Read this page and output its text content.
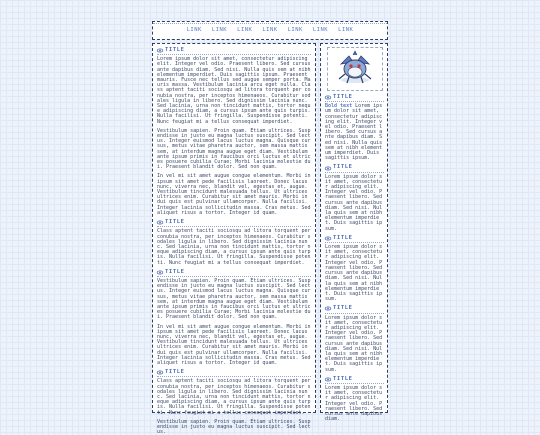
LINK LINK LINK LINK LINK LINK LINK
TITLE

Lorem ipsum dolor sit amet, consectetur adipiscing elit. Integer vel odio. Praesent libero. Sed cursus ante dapibus diam. Sed nisi. Nulla quis sem at nibh elementum imperdiet. Duis sagittis ipsum. Praesent mauris. Fusce nec tellus sed augue semper porta. Mauris massa. Vestibulum lacinia arcu eget nulla. Class aptent taciti sociosqu ad litora torquent per conubia nostra, per inceptos himenaeos. Curabitur sodales ligula in libero. Sed dignissim lacinia nunc. Sed lacinia, urna non tincidunt mattis, tortor neque adipiscing diam, a cursus ipsum ante quis turpis. Nulla facilisi. Ut fringilla. Suspendisse potenti. Nunc feugiat mi a tellus consequat imperdiet.

Vestibulum sapien. Proin quam. Etiam ultrices. Suspendisse in justo eu magna luctus suscipit. Sed lectus. Integer euismod lacus luctus magna. Quisque cursus, metus vitae pharetra auctor, sem massa mattis sem, at interdum magna augue eget diam. Vestibulum ante ipsum primis in faucibus orci luctus et ultrices posuere cubilia Curae; Morbi lacinia molestie dui. Praesent blandit dolor. Sed non quam.

In vel mi sit amet augue congue elementum. Morbi in ipsum sit amet pede facilisis laoreet. Donec lacus nunc, viverra nec, blandit vel, egestas et, augue. Vestibulum tincidunt malesuada tellus. Ut ultrices ultrices enim. Curabitur sit amet mauris. Morbi in dui quis est pulvinar ullamcorper. Nulla facilisi. Integer lacinia sollicitudin massa. Cras metus. Sed aliquet risus a tortor. Integer id quam.

TITLE

Class aptent taciti sociosqu ad litora torquent per conubia nostra, per inceptos himenaeos. Curabitur sodales ligula in libero. Sed dignissim lacinia nunc. Sed lacinia, urna non tincidunt mattis, tortor neque adipiscing diam, a cursus ipsum ante quis turpis. Nulla facilisi. Ut fringilla. Suspendisse potenti. Nunc feugiat mi a tellus consequat imperdiet.

TITLE

Vestibulum sapien. Proin quam. Etiam ultrices. Suspendisse in justo eu magna luctus suscipit. Sed lectus. Integer euismod lacus luctus magna. Quisque cursus, metus vitae pharetra auctor, sem massa mattis sem, at interdum magna augue eget diam. Vestibulum ante ipsum primis in faucibus orci luctus et ultrices posuere cubilia Curae; Morbi lacinia molestie dui. Praesent blandit dolor. Sed non quam.

In vel mi sit amet augue congue elementum. Morbi in ipsum sit amet pede facilisis laoreet. Donec lacus nunc, viverra nec, blandit vel, egestas et, augue. Vestibulum tincidunt malesuada tellus. Ut ultrices ultrices enim. Curabitur sit amet mauris. Morbi in dui quis est pulvinar ullamcorper. Nulla facilisi. Integer lacinia sollicitudin massa. Cras metus. Sed aliquet risus a tortor. Integer id quam.

TITLE

Class aptent taciti sociosqu ad litora torquent per conubia nostra, per inceptos himenaeos. Curabitur sodales ligula in libero. Sed dignissim lacinia nunc. Sed lacinia, urna non tincidunt mattis, tortor neque adipiscing diam, a cursus ipsum ante quis turpis. Nulla facilisi. Ut fringilla. Suspendisse potenti. Nunc feugiat mi a tellus consequat imperdiet.

Vestibulum sapien. Proin quam. Etiam ultrices. Suspendisse in justo eu magna luctus suscipit. Sed lectus.

TITLE

Bold text Lorem ipsum dolor sit amet, consectetur adipiscing elit. Integer vel odio. Praesent libero. Sed cursus ante dapibus diam. Sed nisi. Nulla quis sem at nibh elementum imperdiet. Duis sagittis ipsum.

TITLE

Lorem ipsum dolor sit amet, consectetur adipiscing elit. Integer vel odio. Praesent libero. Sed cursus ante dapibus diam. Sed nisi. Nulla quis sem at nibh elementum imperdiet. Duis sagittis ipsum.

TITLE

Lorem ipsum dolor sit amet, consectetur adipiscing elit. Integer vel odio. Praesent libero. Sed cursus ante dapibus diam. Sed nisi. Nulla quis sem at nibh elementum imperdiet. Duis sagittis ipsum.

TITLE

Lorem ipsum dolor sit amet, consectetur adipiscing elit. Integer vel odio. Praesent libero. Sed cursus ante dapibus diam. Sed nisi. Nulla quis sem at nibh elementum imperdiet. Duis sagittis ipsum.

TITLE

Lorem ipsum dolor sit amet, consectetur adipiscing elit. Integer vel odio. Praesent libero. Sed cursus ante dapibus diam.
